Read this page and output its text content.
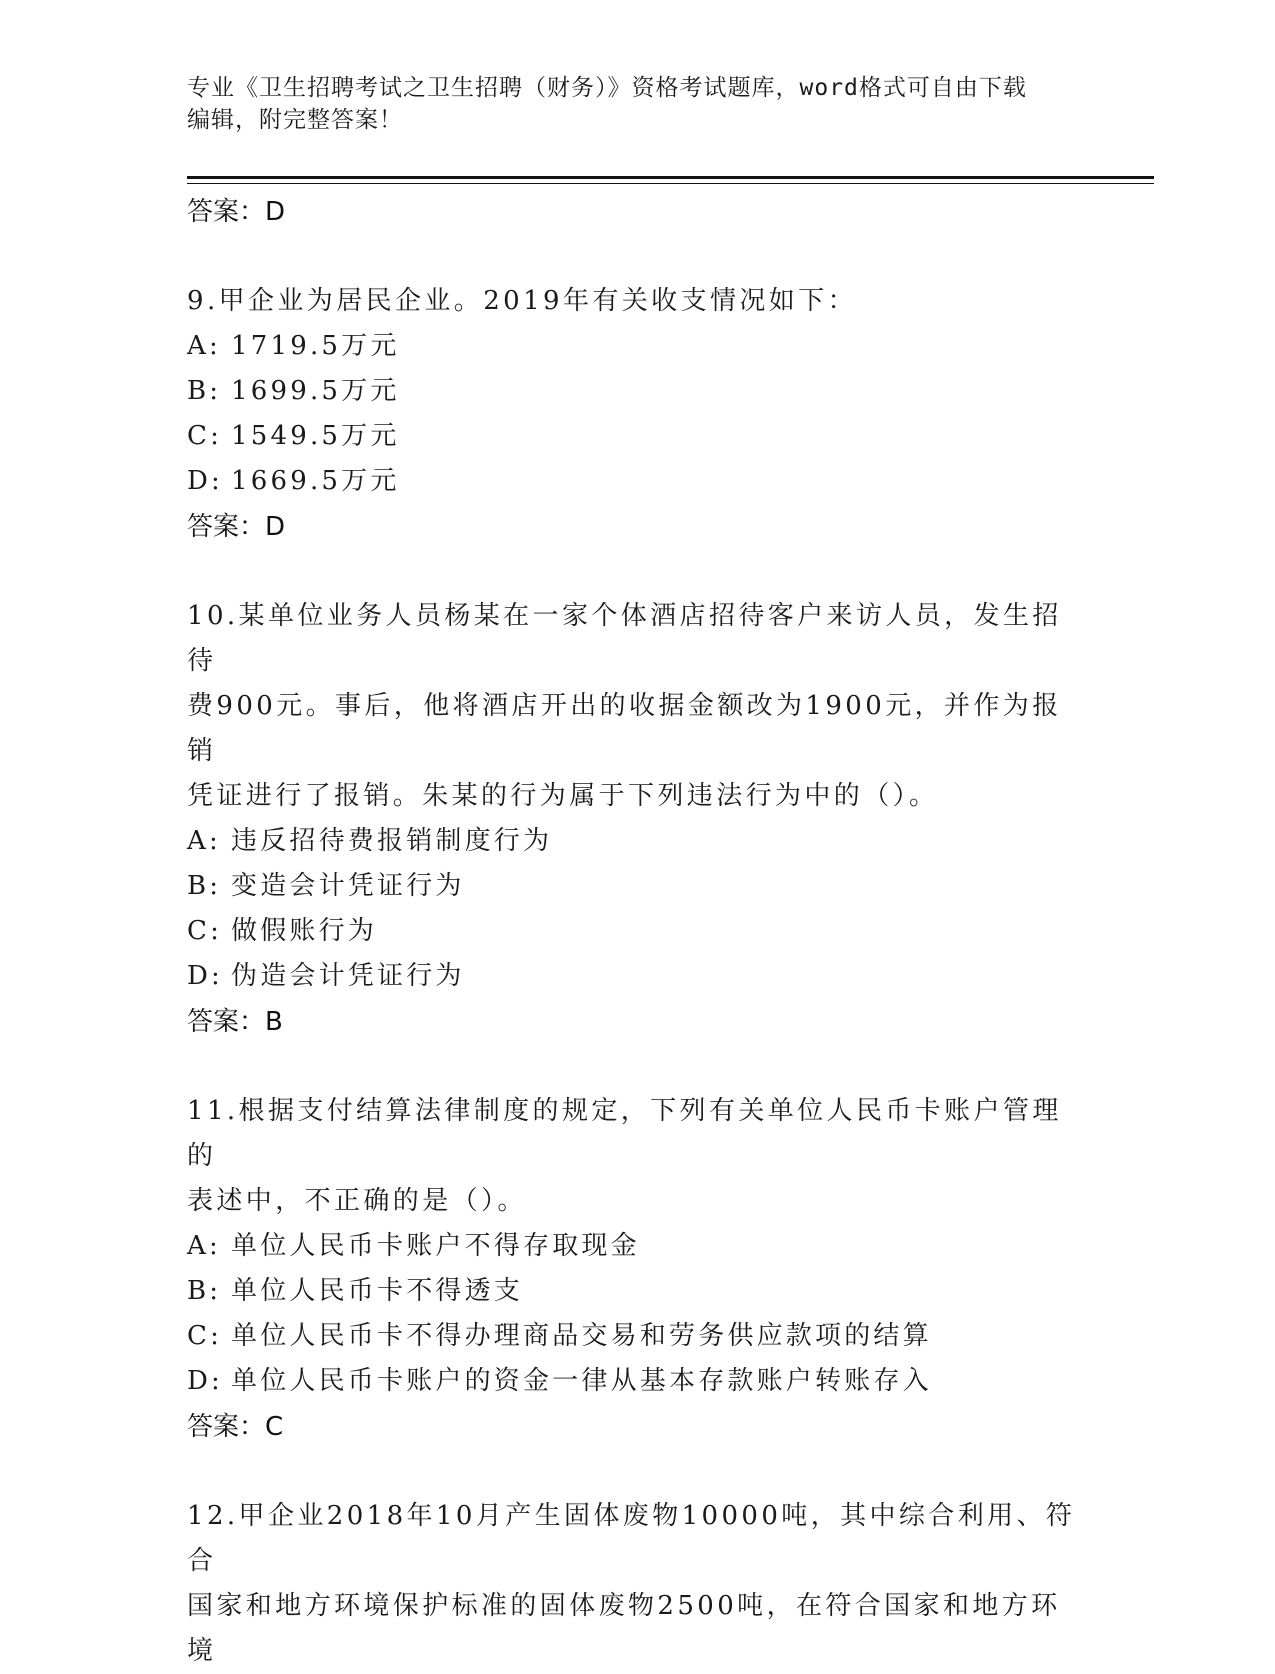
专业《卫生招聘考试之卫生招聘（财务）》资格考试题库，word格式可自由下载
编辑，附完整答案！
答案：D
9.甲企业为居民企业。2019年有关收支情况如下：
A: 1719.5万元
B: 1699.5万元
C: 1549.5万元
D: 1669.5万元
答案：D
10.某单位业务人员杨某在一家个体酒店招待客户来访人员，发生招待
费900元。事后，他将酒店开出的收据金额改为1900元，并作为报销
凭证进行了报销。朱某的行为属于下列违法行为中的（）。
A: 违反招待费报销制度行为
B: 变造会计凭证行为
C: 做假账行为
D: 伪造会计凭证行为
答案：B
11.根据支付结算法律制度的规定，下列有关单位人民币卡账户管理的
表述中，不正确的是（）。
A: 单位人民币卡账户不得存取现金
B: 单位人民币卡不得透支
C: 单位人民币卡不得办理商品交易和劳务供应款项的结算
D: 单位人民币卡账户的资金一律从基本存款账户转账存入
答案：C
12.甲企业2018年10月产生固体废物10000吨，其中综合利用、符合
国家和地方环境保护标准的固体废物2500吨，在符合国家和地方环境
